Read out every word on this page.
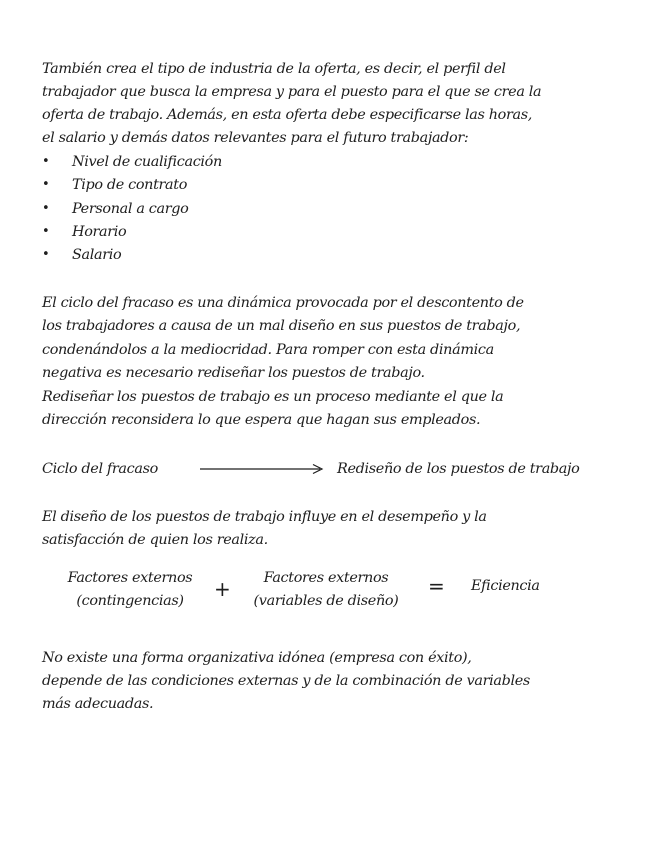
También crea el tipo de industria de la oferta, es decir, el perfil del
trabajador que busca la empresa y para el puesto para el que se crea la
oferta de trabajo. Además, en esta oferta debe especificarse las horas,
el salario y demás datos relevantes para el futuro trabajador:
• Nivel de cualificación
• Tipo de contrato
• Personal a cargo
• Horario
• Salario
El ciclo del fracaso es una dinámica provocada por el descontento de
los trabajadores a causa de un mal diseño en sus puestos de trabajo,
condenándolos a la mediocridad. Para romper con esta dinámica
negativa es necesario rediseñar los puestos de trabajo.
Rediseñar los puestos de trabajo es un proceso mediante el que la
dirección reconsidera lo que espera que hagan sus empleados.
Ciclo del fracaso	Rediseño de los puestos de trabajo
El diseño de los puestos de trabajo influye en el desempeño y la
satisfacción de quien los realiza.
Factores externos
(contingencias)	+	Factores externos
(variables de diseño)
= Eficiencia
No existe una forma organizativa idónea (empresa con éxito),
depende de las condiciones externas y de la combinación de variables
más adecuadas.
